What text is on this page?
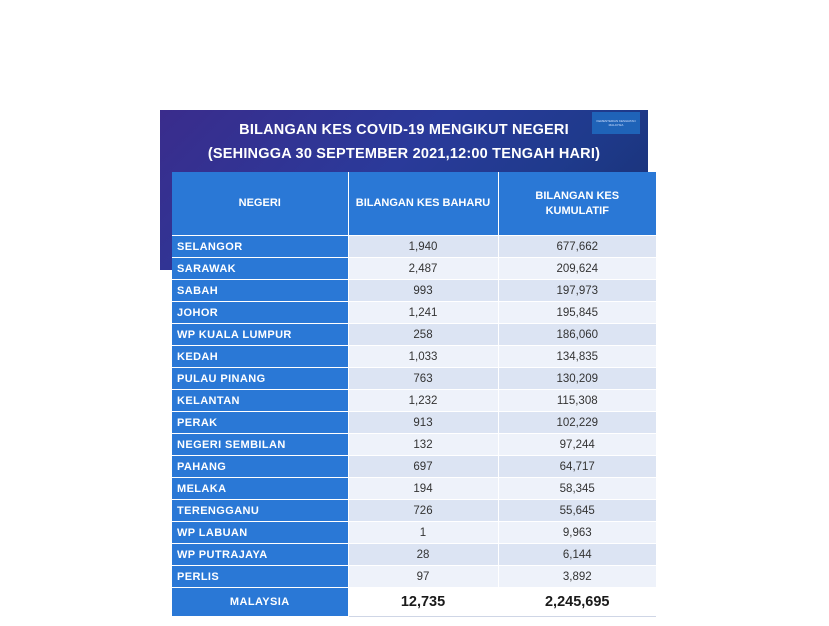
KEMENTERIAN KESIHATAN MALAYSIA
BILANGAN KES COVID-19 MENGIKUT NEGERI
(SEHINGGA 30 SEPTEMBER 2021,12:00 TENGAH HARI)
NEGERI	BILANGAN KES BAHARU	BILANGAN KES KUMULATIF
SELANGOR	1,940	677,662
SARAWAK	2,487	209,624
SABAH	993	197,973
JOHOR	1,241	195,845
WP KUALA LUMPUR	258	186,060
KEDAH	1,033	134,835
PULAU PINANG	763	130,209
KELANTAN	1,232	115,308
PERAK	913	102,229
NEGERI SEMBILAN	132	97,244
PAHANG	697	64,717
MELAKA	194	58,345
TERENGGANU	726	55,645
WP LABUAN	1	9,963
WP PUTRAJAYA	28	6,144
PERLIS	97	3,892
MALAYSIA	12,735	2,245,695
